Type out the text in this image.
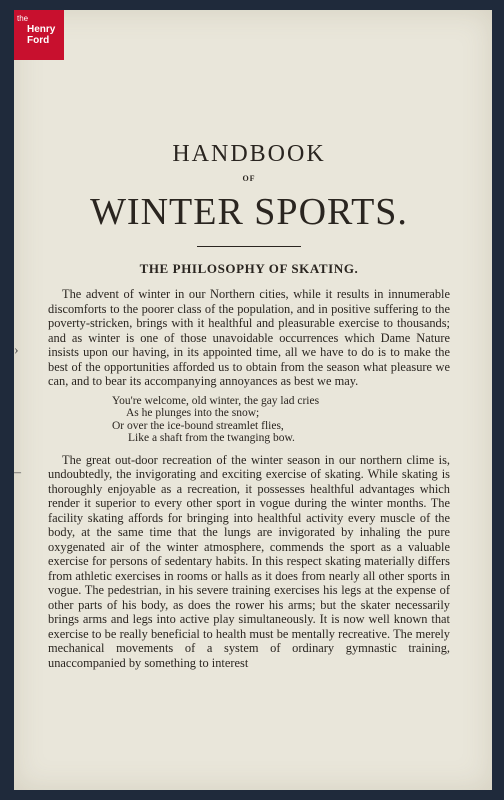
the
Henry
Ford
›
–
HANDBOOK
OF
WINTER SPORTS.
THE PHILOSOPHY OF SKATING.

The advent of winter in our Northern cities, while it results in innumerable discomforts to the poorer class of the population, and in positive suffering to the poverty-stricken, brings with it healthful and pleasurable exercise to thousands; and as winter is one of those unavoidable occurrences which Dame Nature insists upon our having, in its appointed time, all we have to do is to make the best of the opportunities afforded us to obtain from the season what pleasure we can, and to bear its accompanying annoyances as best we may.

You're welcome, old winter, the gay lad cries
As he plunges into the snow;
Or over the ice-bound streamlet flies,
Like a shaft from the twanging bow.

The great out-door recreation of the winter season in our northern clime is, undoubtedly, the invigorating and exciting exercise of skating. While skating is thoroughly enjoyable as a recreation, it possesses healthful advantages which render it superior to every other sport in vogue during the winter months. The facility skating affords for bringing into healthful activity every muscle of the body, at the same time that the lungs are invigorated by inhaling the pure oxygenated air of the winter atmosphere, commends the sport as a valuable exercise for persons of sedentary habits. In this respect skating materially differs from athletic exercises in rooms or halls as it does from nearly all other sports in vogue. The pedestrian, in his severe training exercises his legs at the expense of other parts of his body, as does the rower his arms; but the skater necessarily brings arms and legs into active play simultaneously. It is now well known that exercise to be really beneficial to health must be mentally recreative. The merely mechanical movements of a system of ordinary gymnastic training, unaccompanied by something to interest
